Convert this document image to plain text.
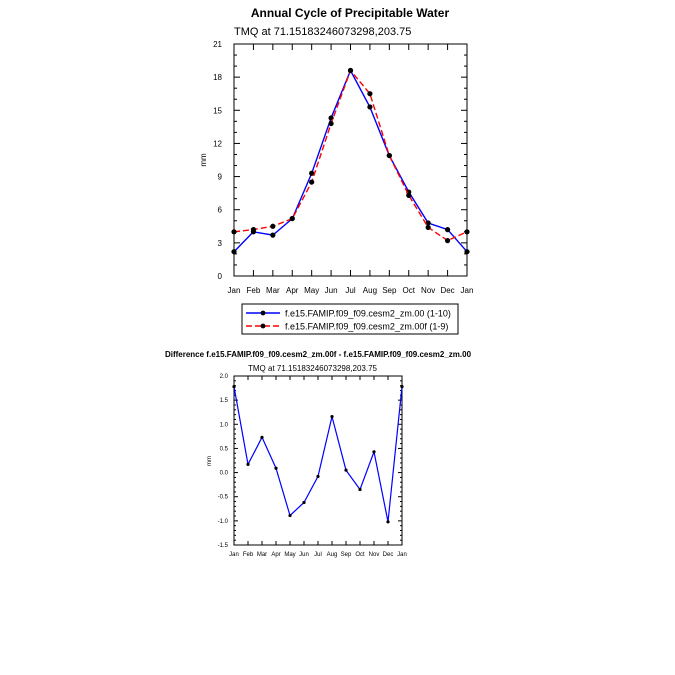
Annual Cycle of Precipitable Water
TMQ at 71.15183246073298,203.75
mm
Jan Feb Mar Apr May Jun Jul Aug Sep Oct Nov Dec Jan
0
3
6
9
12
15
18
21
f.e15.FAMIP.f09_f09.cesm2_zm.00 (1-10)
f.e15.FAMIP.f09_f09.cesm2_zm.00f (1-9)
Difference f.e15.FAMIP.f09_f09.cesm2_zm.00f - f.e15.FAMIP.f09_f09.cesm2_zm.00
TMQ at 71.15183246073298,203.75
mm
Jan Feb Mar Apr May Jun Jul Aug Sep Oct Nov Dec Jan
-1.5
-1.0
-0.5
0.0
0.5
1.0
1.5
2.0
